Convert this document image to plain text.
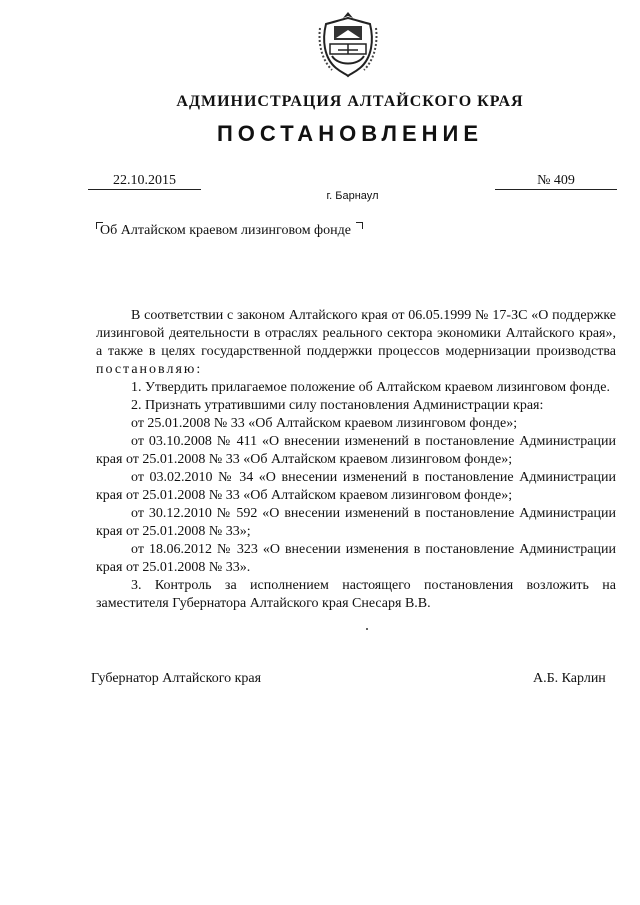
АДМИНИСТРАЦИЯ АЛТАЙСКОГО КРАЯ
ПОСТАНОВЛЕНИЕ
22.10.2015	№ 409
г. Барнаул
Об Алтайском краевом лизинговом фонде

В соответствии с законом Алтайского края от 06.05.1999 № 17-ЗС «О поддержке лизинговой деятельности в отраслях реального сектора экономики Алтайского края», а также в целях государственной поддержки процессов модернизации производства постановляю:

1. Утвердить прилагаемое положение об Алтайском краевом лизинговом фонде.

2. Признать утратившими силу постановления Администрации края:

от 25.01.2008 № 33 «Об Алтайском краевом лизинговом фонде»;

от 03.10.2008 № 411 «О внесении изменений в постановление Администрации края от 25.01.2008 № 33 «Об Алтайском краевом лизинговом фонде»;

от 03.02.2010 № 34 «О внесении изменений в постановление Администрации края от 25.01.2008 № 33 «Об Алтайском краевом лизинговом фонде»;

от 30.12.2010 № 592 «О внесении изменений в постановление Администрации края от 25.01.2008 № 33»;

от 18.06.2012 № 323 «О внесении изменения в постановление Администрации края от 25.01.2008 № 33».

3. Контроль за исполнением настоящего постановления возложить на заместителя Губернатора Алтайского края Снесаря В.В.

Губернатор Алтайского края	А.Б. Карлин
